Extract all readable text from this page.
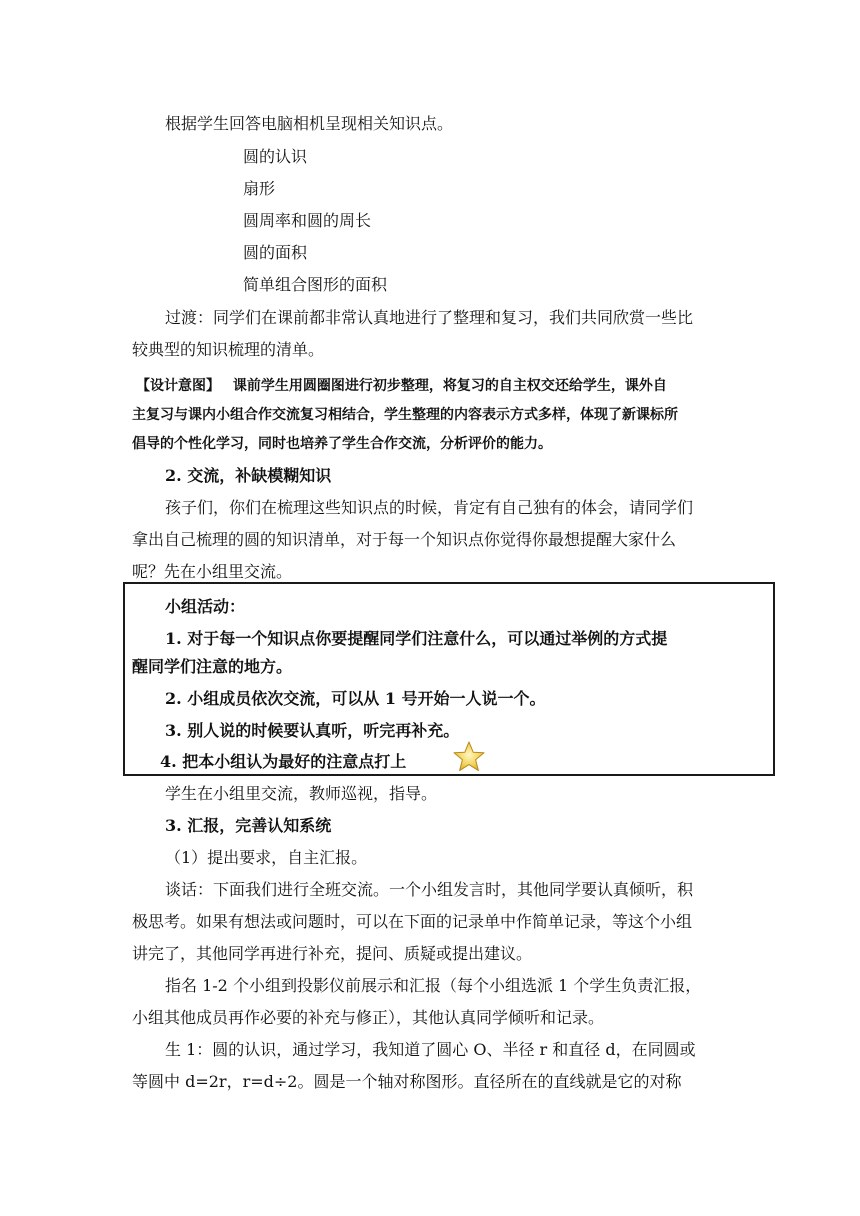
根据学生回答电脑相机呈现相关知识点。
圆的认识
扇形
圆周率和圆的周长
圆的面积
简单组合图形的面积
过渡：同学们在课前都非常认真地进行了整理和复习，我们共同欣赏一些比
较典型的知识梳理的清单。
【设计意图】 课前学生用圆圈图进行初步整理，将复习的自主权交还给学生，课外自
主复习与课内小组合作交流复习相结合，学生整理的内容表示方式多样，体现了新课标所
倡导的个性化学习，同时也培养了学生合作交流，分析评价的能力。
2. 交流，补缺模糊知识
孩子们，你们在梳理这些知识点的时候，肯定有自己独有的体会，请同学们
拿出自己梳理的圆的知识清单，对于每一个知识点你觉得你最想提醒大家什么
呢？先在小组里交流。
小组活动：
1. 对于每一个知识点你要提醒同学们注意什么，可以通过举例的方式提
醒同学们注意的地方。
2. 小组成员依次交流，可以从 1 号开始一人说一个。
3. 别人说的时候要认真听，听完再补充。
4. 把本小组认为最好的注意点打上
学生在小组里交流，教师巡视，指导。
3. 汇报，完善认知系统
（1）提出要求，自主汇报。
谈话：下面我们进行全班交流。一个小组发言时，其他同学要认真倾听，积
极思考。如果有想法或问题时，可以在下面的记录单中作简单记录，等这个小组
讲完了，其他同学再进行补充，提问、质疑或提出建议。
指名 1-2 个小组到投影仪前展示和汇报（每个小组选派 1 个学生负责汇报，
小组其他成员再作必要的补充与修正），其他认真同学倾听和记录。
生 1：圆的认识，通过学习，我知道了圆心 O、半径 r 和直径 d，在同圆或
等圆中 d=2r，r=d÷2。圆是一个轴对称图形。直径所在的直线就是它的对称
